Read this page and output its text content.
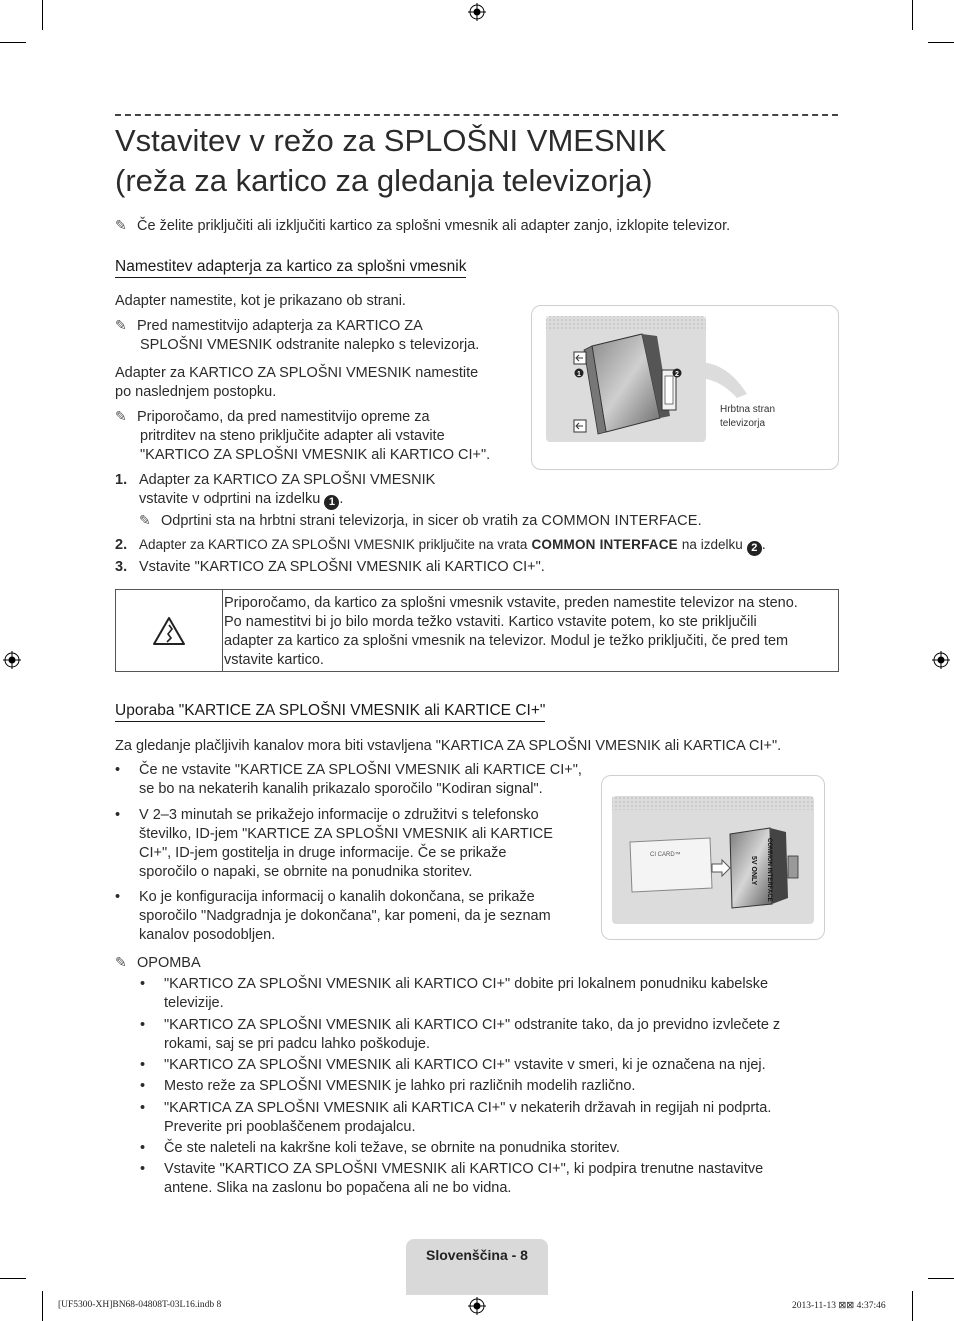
Vstavitev v režo za SPLOŠNI VMESNIK
(reža za kartico za gledanja televizorja)
✎ Če želite priključiti ali izključiti kartico za splošni vmesnik ali adapter zanjo, izklopite televizor.
Namestitev adapterja za kartico za splošni vmesnik
Adapter namestite, kot je prikazano ob strani.
✎ Pred namestitvijo adapterja za KARTICO ZA
SPLOŠNI VMESNIK odstranite nalepko s televizorja.
Adapter za KARTICO ZA SPLOŠNI VMESNIK namestite
po naslednjem postopku.
✎ Priporočamo, da pred namestitvijo opreme za
pritrditev na steno priključite adapter ali vstavite
"KARTICO ZA SPLOŠNI VMESNIK ali KARTICO CI+".
1	2
Hrbtna stran
televizorja
1. Adapter za KARTICO ZA SPLOŠNI VMESNIK
vstavite v odprtini na izdelku 1 .
✎ Odprtini sta na hrbtni strani televizorja, in sicer ob vratih za COMMON INTERFACE.
2. Adapter za KARTICO ZA SPLOŠNI VMESNIK priključite na vrata COMMON INTERFACE na izdelku 2 .
3. Vstavite "KARTICO ZA SPLOŠNI VMESNIK ali KARTICO CI+".
Priporočamo, da kartico za splošni vmesnik vstavite, preden namestite televizor na steno.
Po namestitvi bi jo bilo morda težko vstaviti. Kartico vstavite potem, ko ste priključili
adapter za kartico za splošni vmesnik na televizor. Modul je težko priključiti, če pred tem
vstavite kartico.
Uporaba "KARTICE ZA SPLOŠNI VMESNIK ali KARTICE CI+"
Za gledanje plačljivih kanalov mora biti vstavljena "KARTICA ZA SPLOŠNI VMESNIK ali KARTICA CI+".
• Če ne vstavite "KARTICE ZA SPLOŠNI VMESNIK ali KARTICE CI+",
se bo na nekaterih kanalih prikazalo sporočilo "Kodiran signal".
• V 2–3 minutah se prikažejo informacije o združitvi s telefonsko
številko, ID-jem "KARTICE ZA SPLOŠNI VMESNIK ali KARTICE
CI+", ID-jem gostitelja in druge informacije. Če se prikaže
sporočilo o napaki, se obrnite na ponudnika storitev.
• Ko je konfiguracija informacij o kanalih dokončana, se prikaže
sporočilo "Nadgradnja je dokončana", kar pomeni, da je seznam
kanalov posodobljen.
CI CARD™	COMMON INTERFACE
5V ONLY
✎ OPOMBA
• "KARTICO ZA SPLOŠNI VMESNIK ali KARTICO CI+" dobite pri lokalnem ponudniku kabelske
televizije.
• "KARTICO ZA SPLOŠNI VMESNIK ali KARTICO CI+" odstranite tako, da jo previdno izvlečete z
rokami, saj se pri padcu lahko poškoduje.
• "KARTICO ZA SPLOŠNI VMESNIK ali KARTICO CI+" vstavite v smeri, ki je označena na njej.
• Mesto reže za SPLOŠNI VMESNIK je lahko pri različnih modelih različno.
• "KARTICA ZA SPLOŠNI VMESNIK ali KARTICA CI+" v nekaterih državah in regijah ni podprta.
Preverite pri pooblaščenem prodajalcu.
• Če ste naleteli na kakršne koli težave, se obrnite na ponudnika storitev.
• Vstavite "KARTICO ZA SPLOŠNI VMESNIK ali KARTICO CI+", ki podpira trenutne nastavitve
antene. Slika na zaslonu bo popačena ali ne bo vidna.
Slovenščina - 8
[UF5300-XH]BN68-04808T-03L16.indb 8	2013-11-13 ⊠⊠ 4:37:46
